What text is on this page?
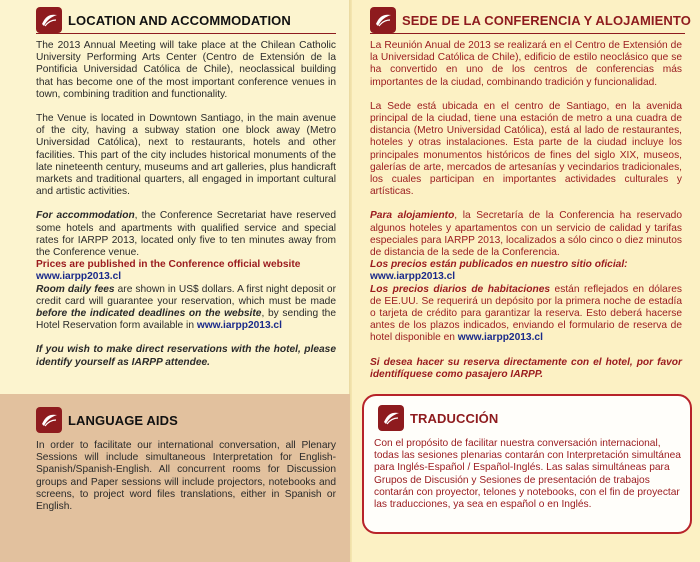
LOCATION AND ACCOMMODATION

The 2013 Annual Meeting will take place at the Chilean Catholic University Performing Arts Center (Centro de Extensión de la Pontificia Universidad Católica de Chile), neoclassical building that has become one of the most important conference venues in town, combining tradition and functionality.

The Venue is located in Downtown Santiago, in the main avenue of the city, having a subway station one block away (Metro Universidad Católica), next to restaurants, hotels and other facilities. This part of the city includes historical monuments of the late nineteenth century, museums and art galleries, plus handicraft markets and traditional quarters, all engaged in important cultural and artistic activities.

For accommodation, the Conference Secretariat have reserved some hotels and apartments with qualified service and special rates for IARPP 2013, located only five to ten minutes away from the Conference venue.

Prices are published in the Conference official website
www.iarpp2013.cl

Room daily fees are shown in US$ dollars. A first night deposit or credit card will guarantee your reservation, which must be made before the indicated deadlines on the website, by sending the Hotel Reservation form available in www.iarpp2013.cl

If you wish to make direct reservations with the hotel, please identify yourself as IARPP attendee.

LANGUAGE AIDS
In order to facilitate our international conversation, all Plenary Sessions will include simultaneous Interpretation for English-Spanish/Spanish-English. All concurrent rooms for Discussion groups and Paper sessions will include projectors, notebooks and screens, to project word files translations, either in Spanish or English.
SEDE DE LA CONFERENCIA Y ALOJAMIENTO

La Reunión Anual de 2013 se realizará en el Centro de Extensión de la Universidad Católica de Chile), edificio de estilo neoclásico que se ha convertido en uno de los centros de conferencias más importantes de la ciudad, combinando tradición y funcionalidad.

La Sede está ubicada en el centro de Santiago, en la avenida principal de la ciudad, tiene una estación de metro a una cuadra de distancia (Metro Universidad Católica), está al lado de restaurantes, hoteles y otras instalaciones. Esta parte de la ciudad incluye los principales monumentos históricos de fines del siglo XIX, museos, galerías de arte, mercados de artesanías y vecindarios tradicionales, los cuales participan en importantes actividades culturales y artísticas.

Para alojamiento, la Secretaría de la Conferencia ha reservado algunos hoteles y apartamentos con un servicio de calidad y tarifas especiales para IARPP 2013, localizados a sólo cinco o diez minutos de distancia de la sede de la Conferencia.

Los precios están publicados en nuestro sitio oficial:
www.iarpp2013.cl

Los precios diarios de habitaciones están reflejados en dólares de EE.UU. Se requerirá un depósito por la primera noche de estadía o tarjeta de crédito para garantizar la reserva. Esto deberá hacerse antes de los plazos indicados, enviando el formulario de reserva de hotel disponible en www.iarpp2013.cl

Si desea hacer su reserva directamente con el hotel, por favor identifíquese como pasajero IARPP.

TRADUCCIÓN
Con el propósito de facilitar nuestra conversación internacional, todas las sesiones plenarias contarán con Interpretación simultánea para Inglés-Español / Español-Inglés. Las salas simultáneas para Grupos de Discusión y Sesiones de presentación de trabajos contarán con proyector, telones y notebooks, con el fin de proyectar las traducciones, ya sea en español o en Inglés.
